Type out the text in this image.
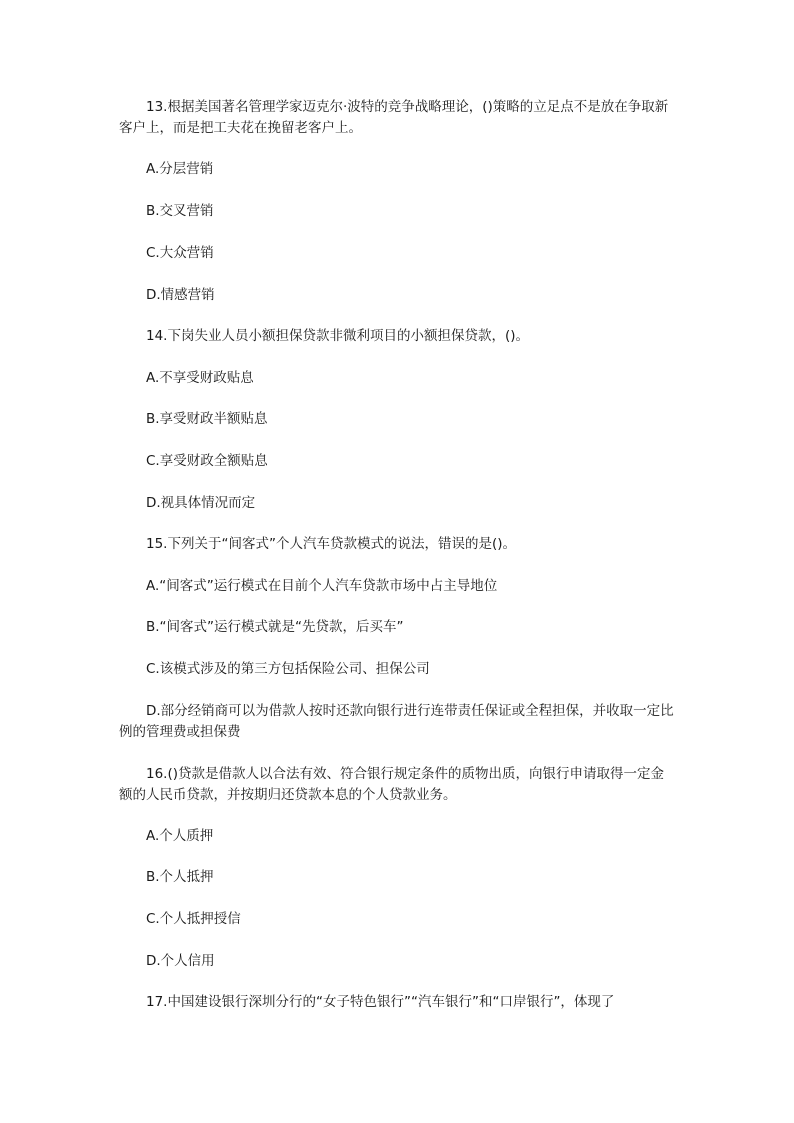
13.根据美国著名管理学家迈克尔·波特的竞争战略理论，()策略的立足点不是放在争取新客户上，而是把工夫花在挽留老客户上。

A.分层营销

B.交叉营销

C.大众营销

D.情感营销

14.下岗失业人员小额担保贷款非微利项目的小额担保贷款，()。

A.不享受财政贴息

B.享受财政半额贴息

C.享受财政全额贴息

D.视具体情况而定

15.下列关于“间客式”个人汽车贷款模式的说法，错误的是()。

A.“间客式”运行模式在目前个人汽车贷款市场中占主导地位

B.“间客式”运行模式就是“先贷款，后买车”

C.该模式涉及的第三方包括保险公司、担保公司

D.部分经销商可以为借款人按时还款向银行进行连带责任保证或全程担保，并收取一定比例的管理费或担保费

16.()贷款是借款人以合法有效、符合银行规定条件的质物出质，向银行申请取得一定金额的人民币贷款，并按期归还贷款本息的个人贷款业务。

A.个人质押

B.个人抵押

C.个人抵押授信

D.个人信用

17.中国建设银行深圳分行的“女子特色银行”“汽车银行”和“口岸银行”，体现了
